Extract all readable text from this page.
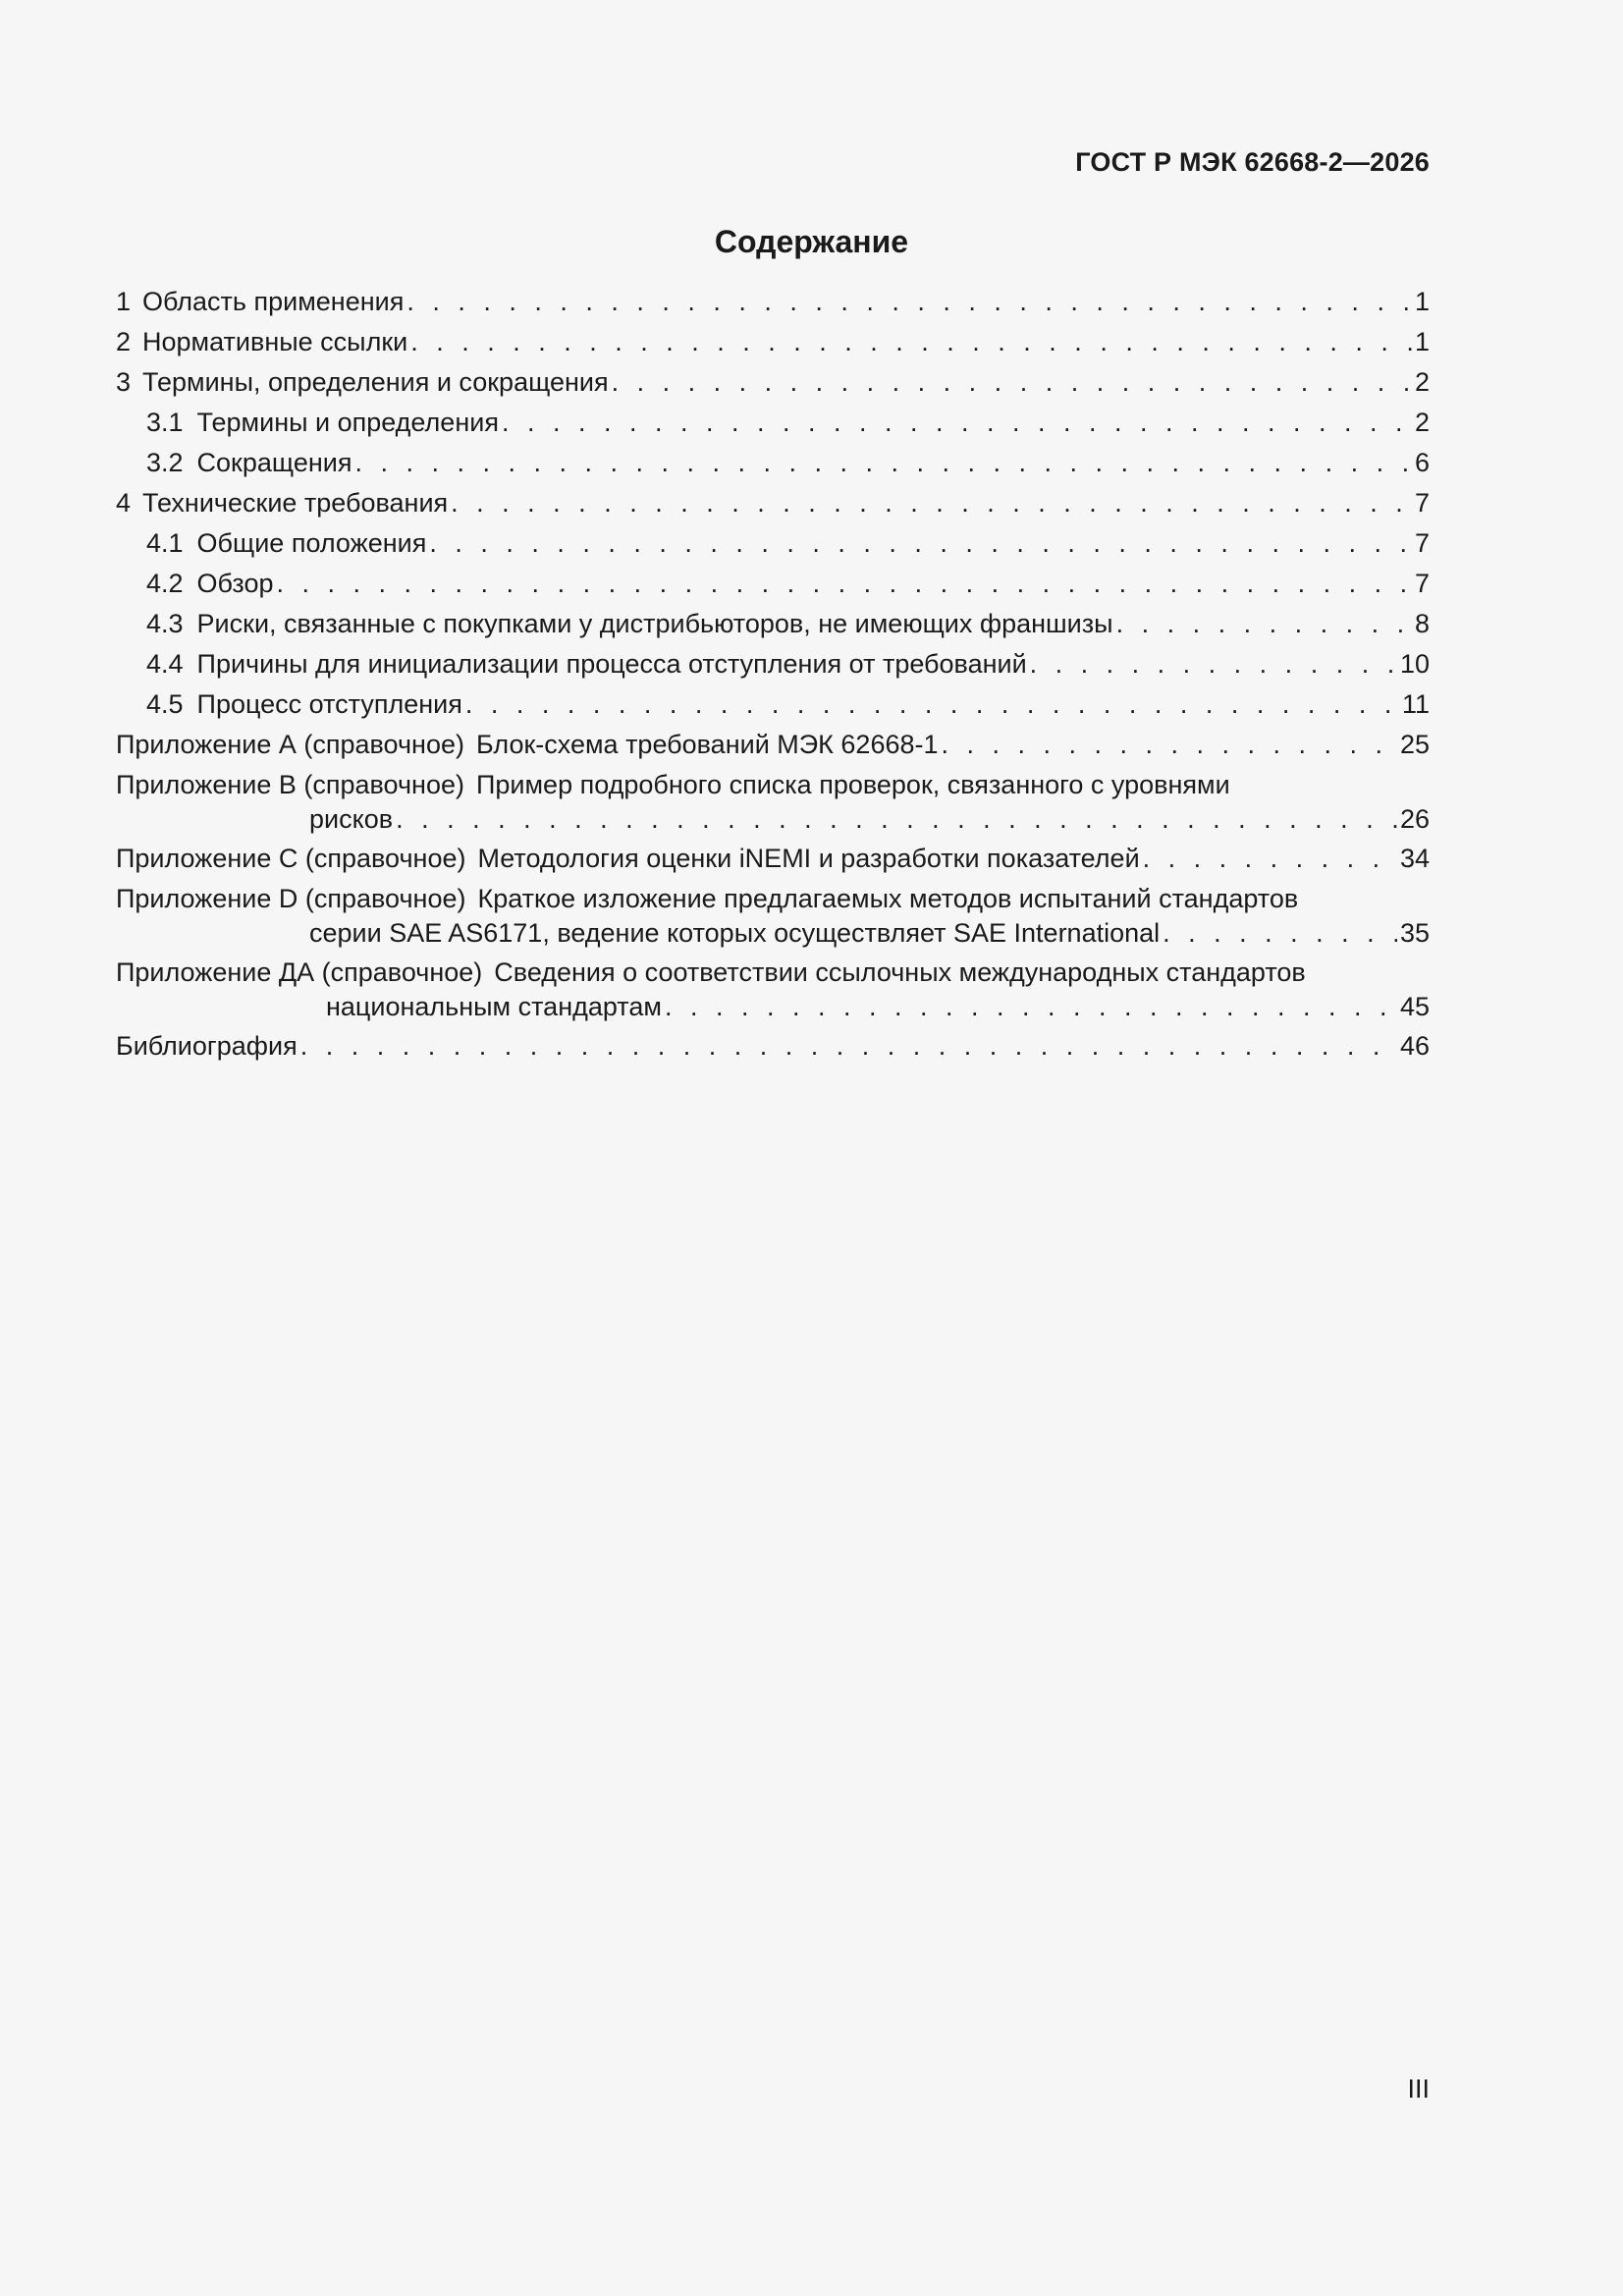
ГОСТ Р МЭК 62668-2—2026
Содержание
1 Область применения . . .	1
2 Нормативные ссылки . . .	1
3 Термины, определения и сокращения . . .	2
3.1 Термины и определения . . .	2
3.2 Сокращения . . .	6
4 Технические требования . . .	7
4.1 Общие положения . . .	7
4.2 Обзор . . .	7
4.3 Риски, связанные с покупками у дистрибьюторов, не имеющих франшизы . . .	8
4.4 Причины для инициализации процесса отступления от требований . . .	10
4.5 Процесс отступления . . .	11
Приложение А (справочное) Блок-схема требований МЭК 62668-1 . . .	25
Приложение В (справочное) Пример подробного списка проверок, связанного с уровнями
рисков . . .	26
Приложение С (справочное) Методология оценки iNEMI и разработки показателей . . .	34
Приложение D (справочное) Краткое изложение предлагаемых методов испытаний стандартов
серии SAE AS6171, ведение которых осуществляет SAE International . . .	35
Приложение ДА (справочное) Сведения о соответствии ссылочных международных стандартов
национальным стандартам . . .	45
Библиография . . .	46
III
